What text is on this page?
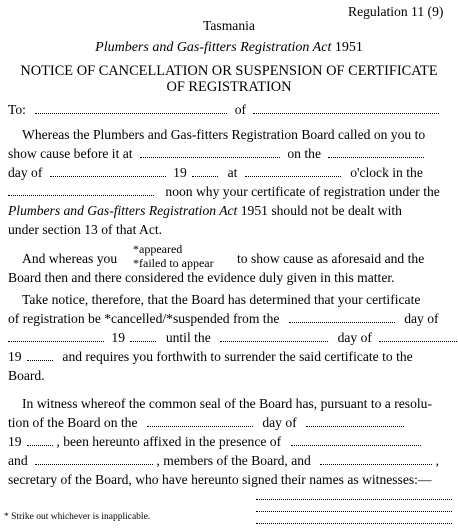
Regulation 11 (9)
Tasmania
Plumbers and Gas-fitters Registration Act 1951
NOTICE OF CANCELLATION OR SUSPENSION OF CERTIFICATE
OF REGISTRATION
To:	of
Whereas the Plumbers and Gas-fitters Registration Board called on you to
show cause before it at	on the
day of	19	at	o'clock in the
noon why your certificate of registration under the
Plumbers and Gas-fitters Registration Act 1951 should not be dealt with
under section 13 of that Act.
And whereas you
*appeared
*failed to appear to show cause as aforesaid and the
Board then and there considered the evidence duly given in this matter.
Take notice, therefore, that the Board has determined that your certificate
of registration be *cancelled/*suspended from the	day of
19	until the	day of
19	and requires you forthwith to surrender the said certificate to the
Board.
In witness whereof the common seal of the Board has, pursuant to a resolu-
tion of the Board on the	day of
19	, been hereunto affixed in the presence of
and	, members of the Board, and	,
secretary of the Board, who have hereunto signed their names as witnesses:—
* Strike out whichever is inapplicable.
